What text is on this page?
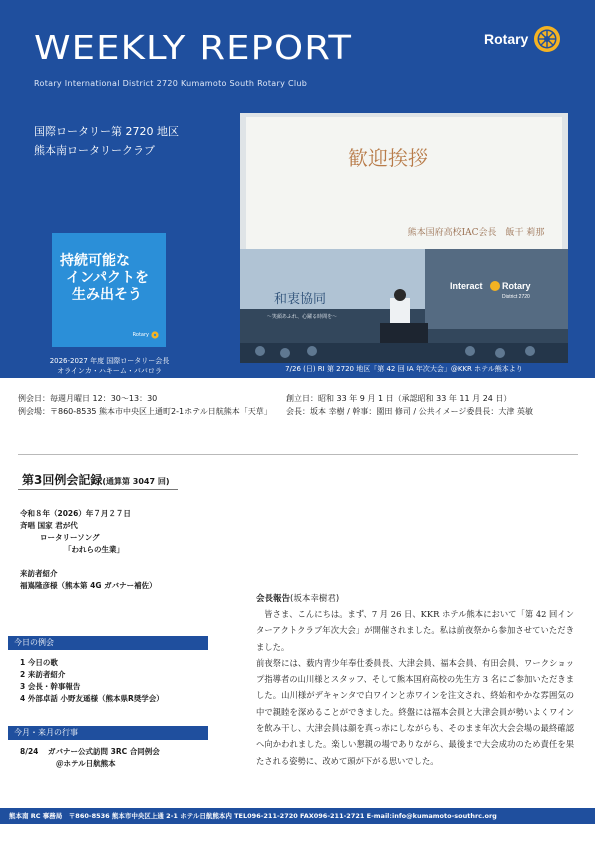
WEEKLY REPORT
Rotary International District 2720 Kumamoto South Rotary Club
Rotary
国際ロータリー第 2720 地区
熊本南ロータリークラブ
持続可能な
インパクトを
生み出そう
Rotary
2026-2027 年度 国際ロータリー会長
オラインカ・ハキーム・ババロラ
歓迎挨拶
熊本国府高校IAC会長　飯干 莉那
和衷協同
～笑顔あふれ、心躍る時間を～
Interact Rotary
District 2720
7/26 (日) RI 第 2720 地区「第 42 回 IA 年次大会」@KKR ホテル熊本より
例会日：毎週月曜日 12：30～13：30	創立日：昭和 33 年 9 月 1 日（承認昭和 33 年 11 月 24 日）
例会場：〒860-8535 熊本市中央区上通町2-1ホテル日航熊本「天草」	会長：坂本 幸樹 / 幹事：園田 修司 / 公共イメージ委員長：大津 英敏
第3回例会記録(通算第 3047 回)
令和８年（2026）年７月２７日
斉唱 国家 君が代
ロータリーソング
「われらの生業」
来訪者紹介
福嶌隆彦様（熊本第 4G ガバナー補佐）
今日の例会
1 今日の歌
2 来訪者紹介
3 会長・幹事報告
4 外部卓話 小野友遥様（熊本県R奨学会）
今月・来月の行事
8/24	ガバナー公式訪問 3RC 合同例会
＠ホテル日航熊本
会長報告(坂本幸樹君)

皆さま、こんにちは。まず、7 月 26 日、KKR ホテル熊本において「第 42 回インターアクトクラブ年次大会」が開催されました。私は前夜祭から参加させていただきました。

前夜祭には、薮内青少年奉仕委員長、大津会員、福本会員、有田会員、ワークショップ指導者の山川様とスタッフ、そして熊本国府高校の先生方 3 名にご参加いただきました。山川様がデキャンタで白ワインと赤ワインを注文され、終始和やかな雰囲気の中で親睦を深めることができました。終盤には福本会員と大津会員が勢いよくワインを飲み干し、大津会員は顔を真っ赤にしながらも、そのまま年次大会会場の最終確認へ向かわれました。楽しい懇親の場でありながら、最後まで大会成功のため責任を果たされる姿勢に、改めて頭が下がる思いでした。

熊本南 RC 事務局　〒860-8536 熊本市中央区上通 2-1 ホテル日航熊本内 TEL096-211-2720 FAX096-211-2721 E-mail:info@kumamoto-southrc.org
